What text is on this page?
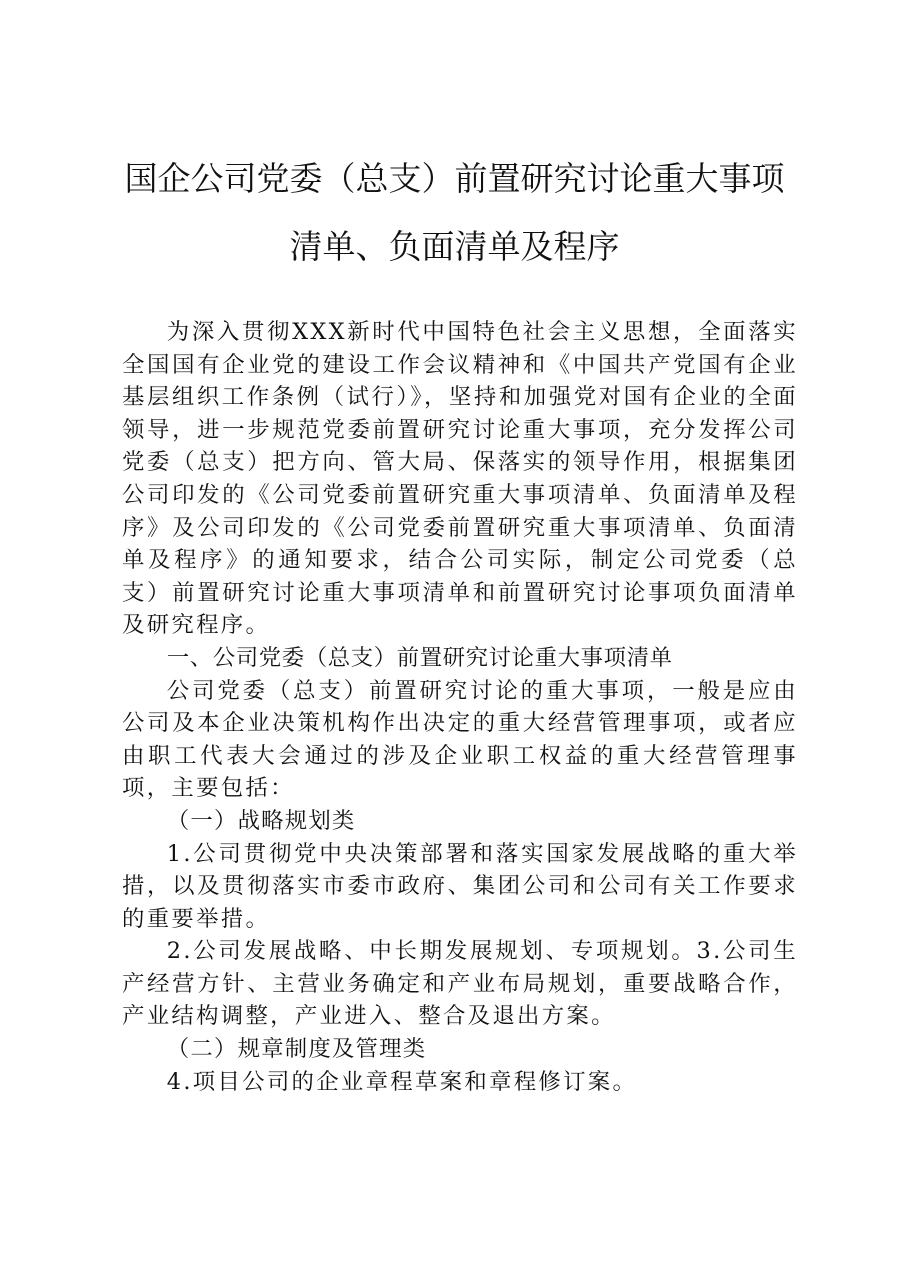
国企公司党委（总支）前置研究讨论重大事项
清单、负面清单及程序

为深入贯彻XXX新时代中国特色社会主义思想，全面落实全国国有企业党的建设工作会议精神和《中国共产党国有企业基层组织工作条例（试行）》，坚持和加强党对国有企业的全面领导，进一步规范党委前置研究讨论重大事项，充分发挥公司党委（总支）把方向、管大局、保落实的领导作用，根据集团公司印发的《公司党委前置研究重大事项清单、负面清单及程序》及公司印发的《公司党委前置研究重大事项清单、负面清单及程序》的通知要求，结合公司实际，制定公司党委（总支）前置研究讨论重大事项清单和前置研究讨论事项负面清单及研究程序。

一、公司党委（总支）前置研究讨论重大事项清单

公司党委（总支）前置研究讨论的重大事项，一般是应由公司及本企业决策机构作出决定的重大经营管理事项，或者应由职工代表大会通过的涉及企业职工权益的重大经营管理事项，主要包括：

（一）战略规划类

1.公司贯彻党中央决策部署和落实国家发展战略的重大举措，以及贯彻落实市委市政府、集团公司和公司有关工作要求的重要举措。

2.公司发展战略、中长期发展规划、专项规划。3.公司生产经营方针、主营业务确定和产业布局规划，重要战略合作，产业结构调整，产业进入、整合及退出方案。

（二）规章制度及管理类

4.项目公司的企业章程草案和章程修订案。
